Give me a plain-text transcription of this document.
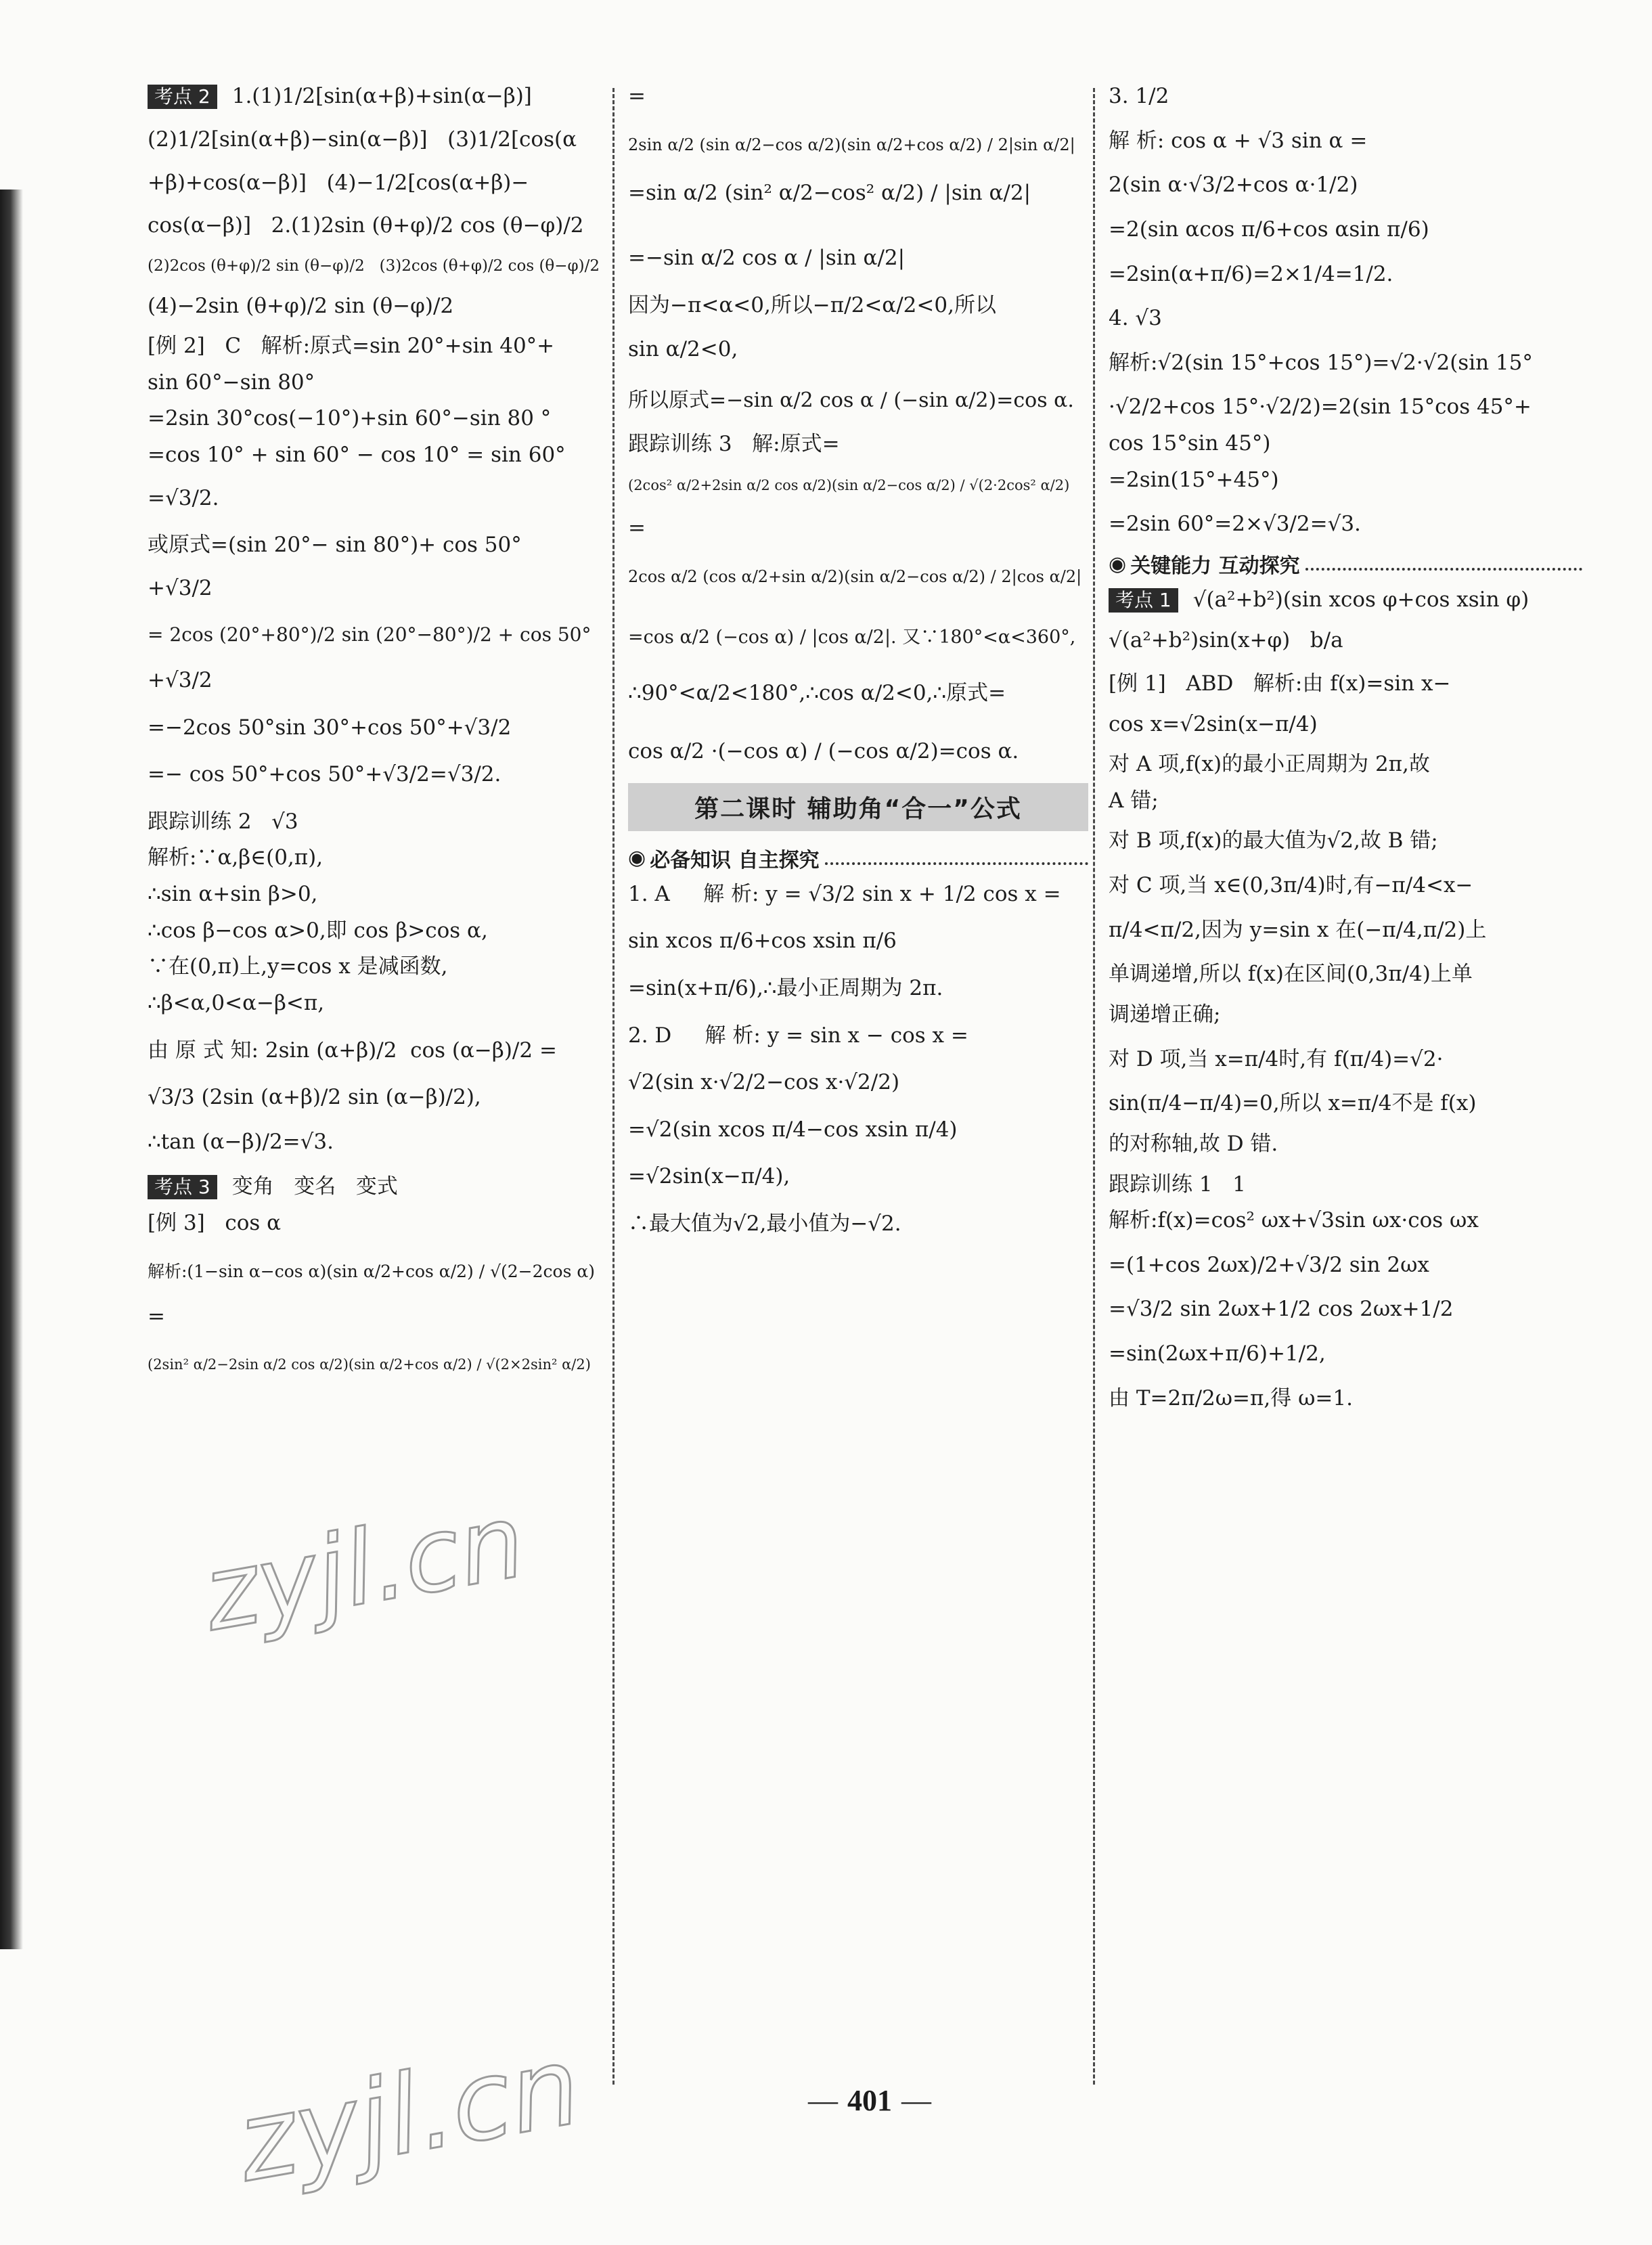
考点 2	1.(1)1/2[sin(α+β)+sin(α−β)]
(2)1/2[sin(α+β)−sin(α−β)]   (3)1/2[cos(α
+β)+cos(α−β)]   (4)−1/2[cos(α+β)−
cos(α−β)]   2.(1)2sin (θ+φ)/2 cos (θ−φ)/2
(2)2cos (θ+φ)/2 sin (θ−φ)/2   (3)2cos (θ+φ)/2 cos (θ−φ)/2
(4)−2sin (θ+φ)/2 sin (θ−φ)/2
[例 2]   C   解析:原式=sin 20°+sin 40°+
sin 60°−sin 80°
=2sin 30°cos(−10°)+sin 60°−sin 80 °
=cos 10° + sin 60° − cos 10° = sin 60°
=√3/2.
或原式=(sin 20°− sin 80°)+ cos 50°
+√3/2
= 2cos (20°+80°)/2 sin (20°−80°)/2 + cos 50°
+√3/2
=−2cos 50°sin 30°+cos 50°+√3/2
=− cos 50°+cos 50°+√3/2=√3/2.
跟踪训练 2   √3
解析:∵α,β∈(0,π),
∴sin α+sin β>0,
∴cos β−cos α>0,即 cos β>cos α,
∵在(0,π)上,y=cos x 是减函数,
∴β<α,0<α−β<π,
由 原 式 知: 2sin (α+β)/2  cos (α−β)/2 =
√3/3 (2sin (α+β)/2 sin (α−β)/2),
∴tan (α−β)/2=√3.
考点 3	变角   变名   变式
[例 3]   cos α
解析:(1−sin α−cos α)(sin α/2+cos α/2) / √(2−2cos α)
=
(2sin² α/2−2sin α/2 cos α/2)(sin α/2+cos α/2) / √(2×2sin² α/2)
=
2sin α/2 (sin α/2−cos α/2)(sin α/2+cos α/2) / 2|sin α/2|
=sin α/2 (sin² α/2−cos² α/2) / |sin α/2|
=−sin α/2 cos α / |sin α/2|
因为−π<α<0,所以−π/2<α/2<0,所以
sin α/2<0,
所以原式=−sin α/2 cos α / (−sin α/2)=cos α.
跟踪训练 3   解:原式=
(2cos² α/2+2sin α/2 cos α/2)(sin α/2−cos α/2) / √(2·2cos² α/2)
=
2cos α/2 (cos α/2+sin α/2)(sin α/2−cos α/2) / 2|cos α/2|
=cos α/2 (−cos α) / |cos α/2|. 又∵180°<α<360°,
∴90°<α/2<180°,∴cos α/2<0,∴原式=
cos α/2 ·(−cos α) / (−cos α/2)=cos α.
第二课时 辅助角“合一”公式
◉ 必备知识 自主探究
1. A     解 析: y = √3/2 sin x + 1/2 cos x =
sin xcos π/6+cos xsin π/6
=sin(x+π/6),∴最小正周期为 2π.
2. D     解 析: y = sin x − cos x =
√2(sin x·√2/2−cos x·√2/2)
=√2(sin xcos π/4−cos xsin π/4)
=√2sin(x−π/4),
∴最大值为√2,最小值为−√2.
3. 1/2
解 析: cos α + √3 sin α =
2(sin α·√3/2+cos α·1/2)
=2(sin αcos π/6+cos αsin π/6)
=2sin(α+π/6)=2×1/4=1/2.
4. √3
解析:√2(sin 15°+cos 15°)=√2·√2(sin 15°
·√2/2+cos 15°·√2/2)=2(sin 15°cos 45°+
cos 15°sin 45°)
=2sin(15°+45°)
=2sin 60°=2×√3/2=√3.
◉ 关键能力 互动探究
考点 1	√(a²+b²)(sin xcos φ+cos xsin φ)
√(a²+b²)sin(x+φ)   b/a
[例 1]   ABD   解析:由 f(x)=sin x−
cos x=√2sin(x−π/4)
对 A 项,f(x)的最小正周期为 2π,故
A 错;
对 B 项,f(x)的最大值为√2,故 B 错;
对 C 项,当 x∈(0,3π/4)时,有−π/4<x−
π/4<π/2,因为 y=sin x 在(−π/4,π/2)上
单调递增,所以 f(x)在区间(0,3π/4)上单
调递增正确;
对 D 项,当 x=π/4时,有 f(π/4)=√2·
sin(π/4−π/4)=0,所以 x=π/4不是 f(x)
的对称轴,故 D 错.
跟踪训练 1   1
解析:f(x)=cos² ωx+√3sin ωx·cos ωx
=(1+cos 2ωx)/2+√3/2 sin 2ωx
=√3/2 sin 2ωx+1/2 cos 2ωx+1/2
=sin(2ωx+π/6)+1/2,
由 T=2π/2ω=π,得 ω=1.
zyjl.cn
zyjl.cn	— 401 —
